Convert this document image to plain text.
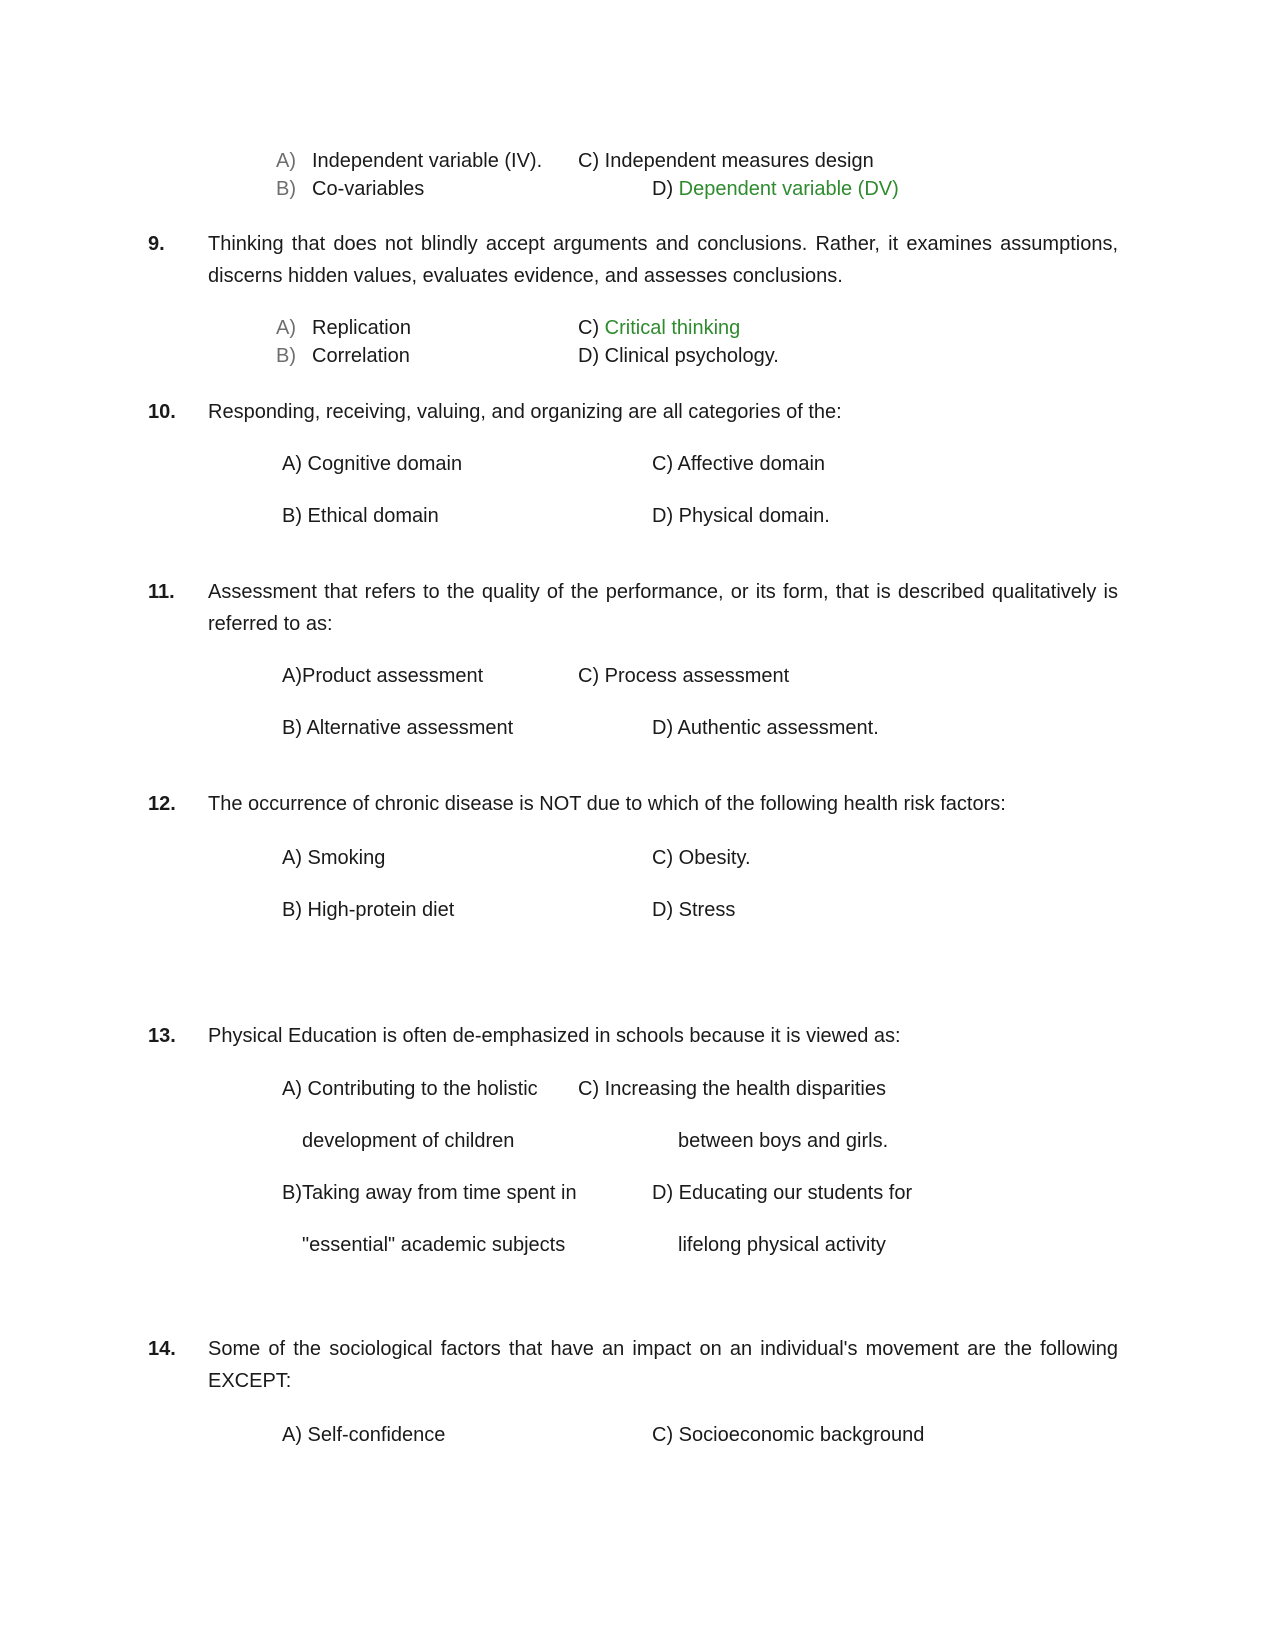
A) Independent variable (IV).
B) Co-variables
C) Independent measures design
D) Dependent variable (DV)
9. Thinking that does not blindly accept arguments and conclusions. Rather, it examines assumptions, discerns hidden values, evaluates evidence, and assesses conclusions.
A) Replication
B) Correlation
C) Critical thinking
D) Clinical psychology.
10. Responding, receiving, valuing, and organizing are all categories of the:
A) Cognitive domain	C) Affective domain
B) Ethical domain	D) Physical domain.
11. Assessment that refers to the quality of the performance, or its form, that is described qualitatively is referred to as:
A)Product assessment	C) Process assessment
B) Alternative assessment	D) Authentic assessment.
12. The occurrence of chronic disease is NOT due to which of the following health risk factors:
A) Smoking	C) Obesity.
B) High-protein diet	D) Stress
13. Physical Education is often de-emphasized in schools because it is viewed as:
A) Contributing to the holistic C) Increasing the health disparities
development of children	between boys and girls.
B)Taking away from time spent in	D) Educating our students for
"essential" academic subjects	lifelong physical activity
14. Some of the sociological factors that have an impact on an individual's movement are the following EXCEPT:
A) Self-confidence	C) Socioeconomic background
